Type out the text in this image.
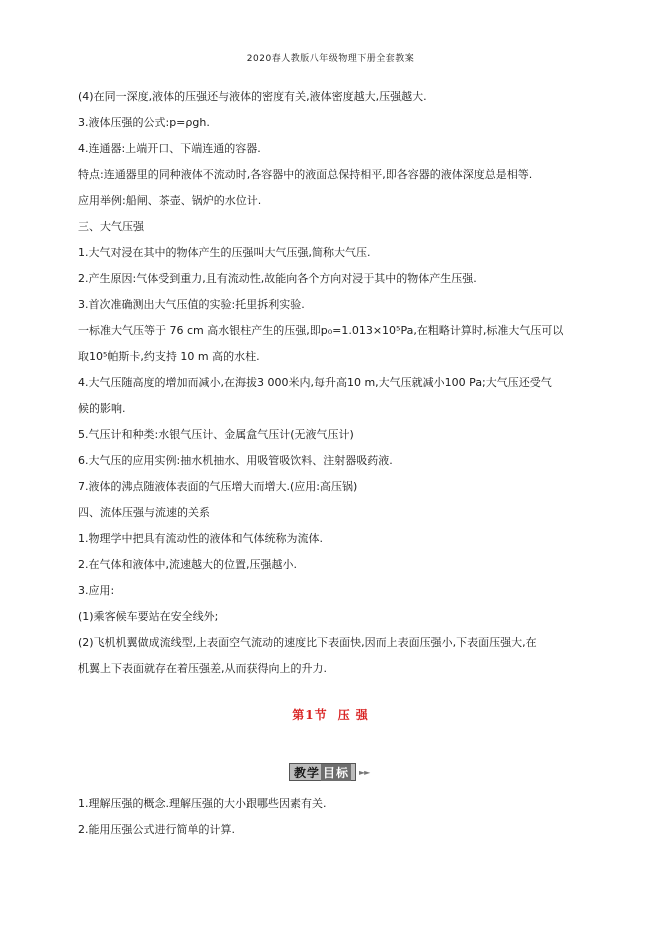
2020春人教版八年级物理下册全套教案
(4)在同一深度,液体的压强还与液体的密度有关,液体密度越大,压强越大.
3.液体压强的公式:p=ρgh.
4.连通器:上端开口、下端连通的容器.
特点:连通器里的同种液体不流动时,各容器中的液面总保持相平,即各容器的液体深度总是相等.
应用举例:船闸、茶壶、锅炉的水位计.
三、大气压强
1.大气对浸在其中的物体产生的压强叫大气压强,简称大气压.
2.产生原因:气体受到重力,且有流动性,故能向各个方向对浸于其中的物体产生压强.
3.首次准确测出大气压值的实验:托里拆利实验.
一标准大气压等于 76 cm 高水银柱产生的压强,即p₀=1.013×10⁵Pa,在粗略计算时,标准大气压可以
取10⁵帕斯卡,约支持 10 m 高的水柱.
4.大气压随高度的增加而减小,在海拔3 000米内,每升高10 m,大气压就减小100 Pa;大气压还受气
候的影响.
5.气压计和种类:水银气压计、金属盒气压计(无液气压计)
6.大气压的应用实例:抽水机抽水、用吸管吸饮料、注射器吸药液.
7.液体的沸点随液体表面的气压增大而增大.(应用:高压锅)
四、流体压强与流速的关系
1.物理学中把具有流动性的液体和气体统称为流体.
2.在气体和液体中,流速越大的位置,压强越小.
3.应用:
(1)乘客候车要站在安全线外;
(2)飞机机翼做成流线型,上表面空气流动的速度比下表面快,因而上表面压强小,下表面压强大,在
机翼上下表面就存在着压强差,从而获得向上的升力.
第1节 压 强
教学 目标 ►►
1.理解压强的概念.理解压强的大小跟哪些因素有关.
2.能用压强公式进行简单的计算.
